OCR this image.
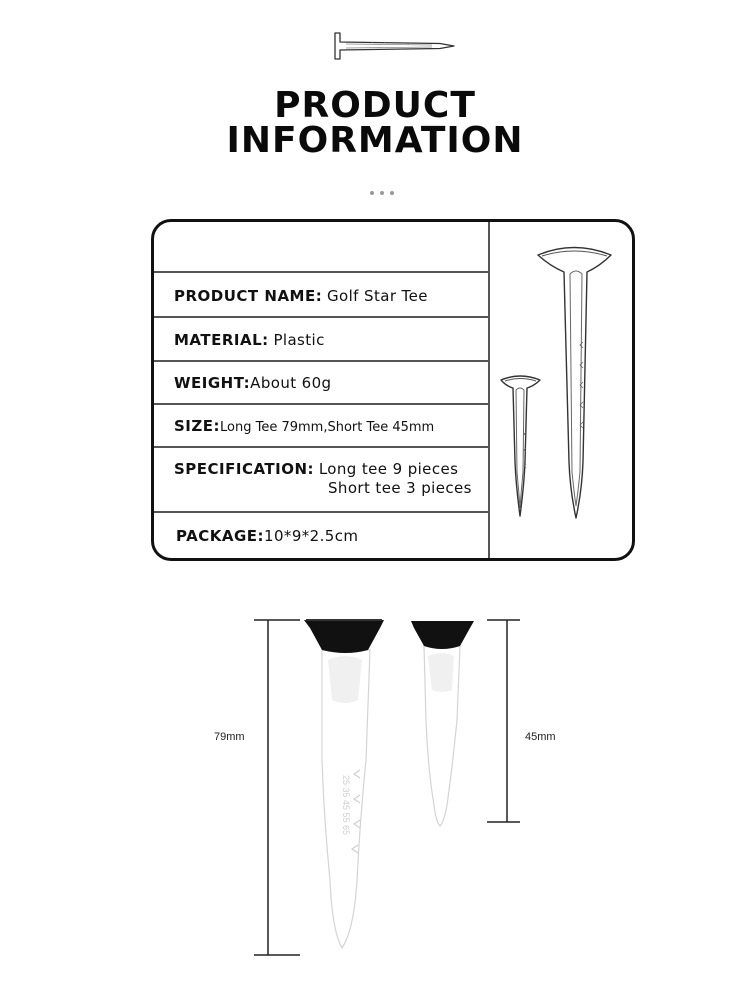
PRODUCT
INFORMATION
PRODUCT NAME: Golf Star Tee
MATERIAL: Plastic
WEIGHT:About 60g
SIZE:Long Tee 79mm,Short Tee 45mm
SPECIFICATION: Long tee 9 pieces
Short tee 3 pieces
PACKAGE:10*9*2.5cm
25 35 45 55 65
79mm	45mm
